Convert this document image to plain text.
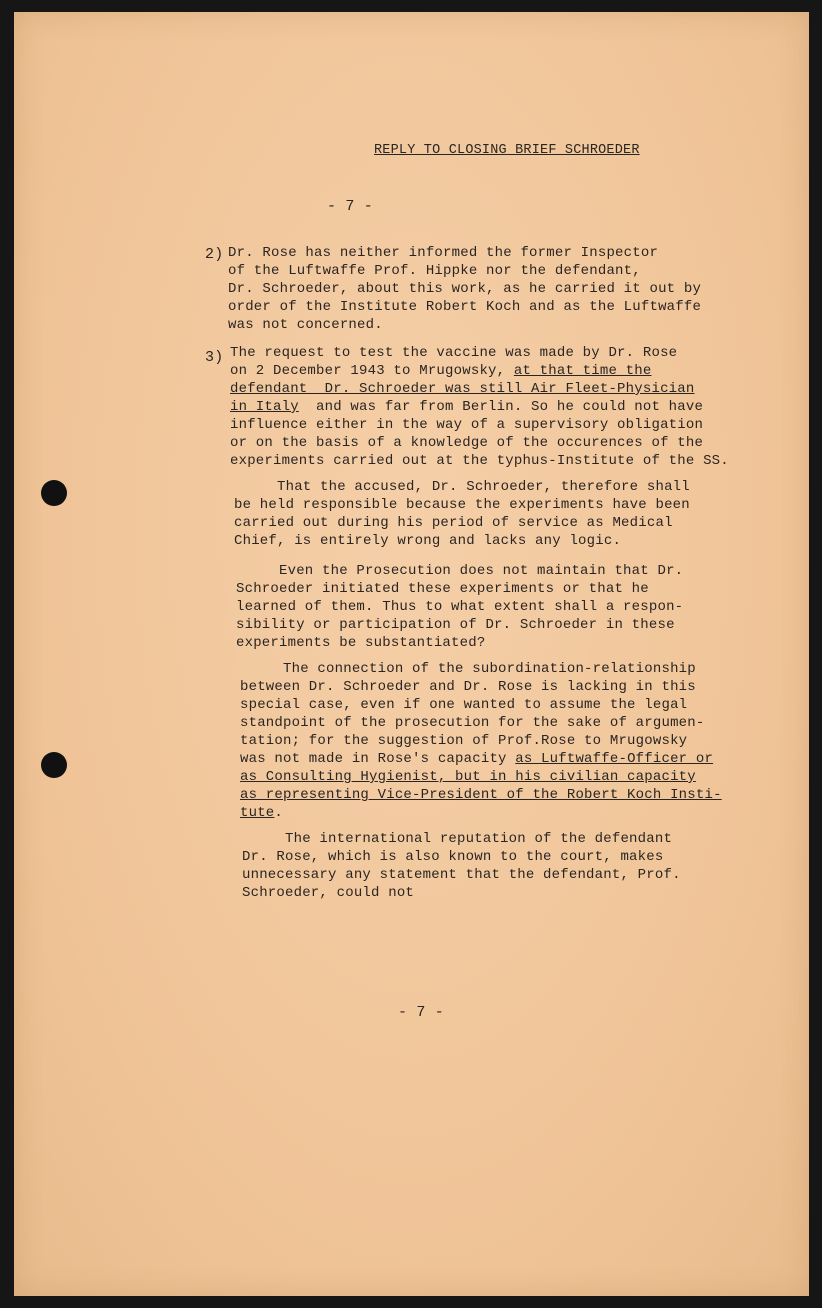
REPLY TO CLOSING BRIEF SCHROEDER
- 7 -
2) Dr. Rose has neither informed the former Inspector
of the Luftwaffe Prof. Hippke nor the defendant,
Dr. Schroeder, about this work, as he carried it out by
order of the Institute Robert Koch and as the Luftwaffe
was not concerned.
3) The request to test the vaccine was made by Dr. Rose
on 2 December 1943 to Mrugowsky, at that time the
defendant  Dr. Schroeder was still Air Fleet-Physician
in Italy  and was far from Berlin. So he could not have
influence either in the way of a supervisory obligation
or on the basis of a knowledge of the occurences of the
experiments carried out at the typhus-Institute of the SS.
That the accused, Dr. Schroeder, therefore shall
be held responsible because the experiments have been
carried out during his period of service as Medical
Chief, is entirely wrong and lacks any logic.
Even the Prosecution does not maintain that Dr.
Schroeder initiated these experiments or that he
learned of them. Thus to what extent shall a respon-
sibility or participation of Dr. Schroeder in these
experiments be substantiated?
The connection of the subordination-relationship
between Dr. Schroeder and Dr. Rose is lacking in this
special case, even if one wanted to assume the legal
standpoint of the prosecution for the sake of argumen-
tation; for the suggestion of Prof.Rose to Mrugowsky
was not made in Rose's capacity as Luftwaffe-Officer or
as Consulting Hygienist, but in his civilian capacity
as representing Vice-President of the Robert Koch Insti-
tute.
The international reputation of the defendant
Dr. Rose, which is also known to the court, makes
unnecessary any statement that the defendant, Prof.
Schroeder, could not
- 7 -
